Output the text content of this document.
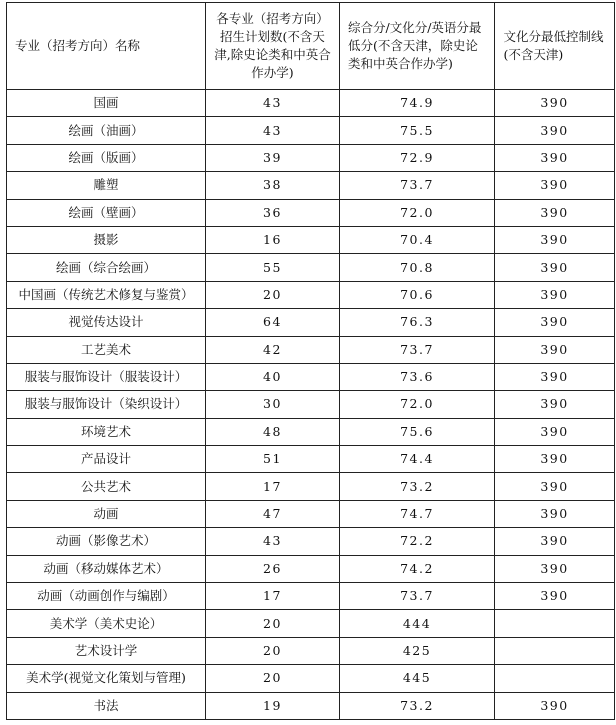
专业（招考方向）名称	各专业（招考方向）招生计划数(不含天津,除史论类和中英合作办学)	综合分/文化分/英语分最低分(不含天津，除史论类和中英合作办学)	文化分最低控制线(不含天津)
国画	43	74.9	390
绘画（油画）	43	75.5	390
绘画（版画）	39	72.9	390
雕塑	38	73.7	390
绘画（壁画）	36	72.0	390
摄影	16	70.4	390
绘画（综合绘画）	55	70.8	390
中国画（传统艺术修复与鉴赏）	20	70.6	390
视觉传达设计	64	76.3	390
工艺美术	42	73.7	390
服装与服饰设计（服装设计）	40	73.6	390
服装与服饰设计（染织设计）	30	72.0	390
环境艺术	48	75.6	390
产品设计	51	74.4	390
公共艺术	17	73.2	390
动画	47	74.7	390
动画（影像艺术）	43	72.2	390
动画（移动媒体艺术）	26	74.2	390
动画（动画创作与编剧）	17	73.7	390
美术学（美术史论）	20	444	
艺术设计学	20	425	
美术学(视觉文化策划与管理)	20	445	
书法	19	73.2	390
